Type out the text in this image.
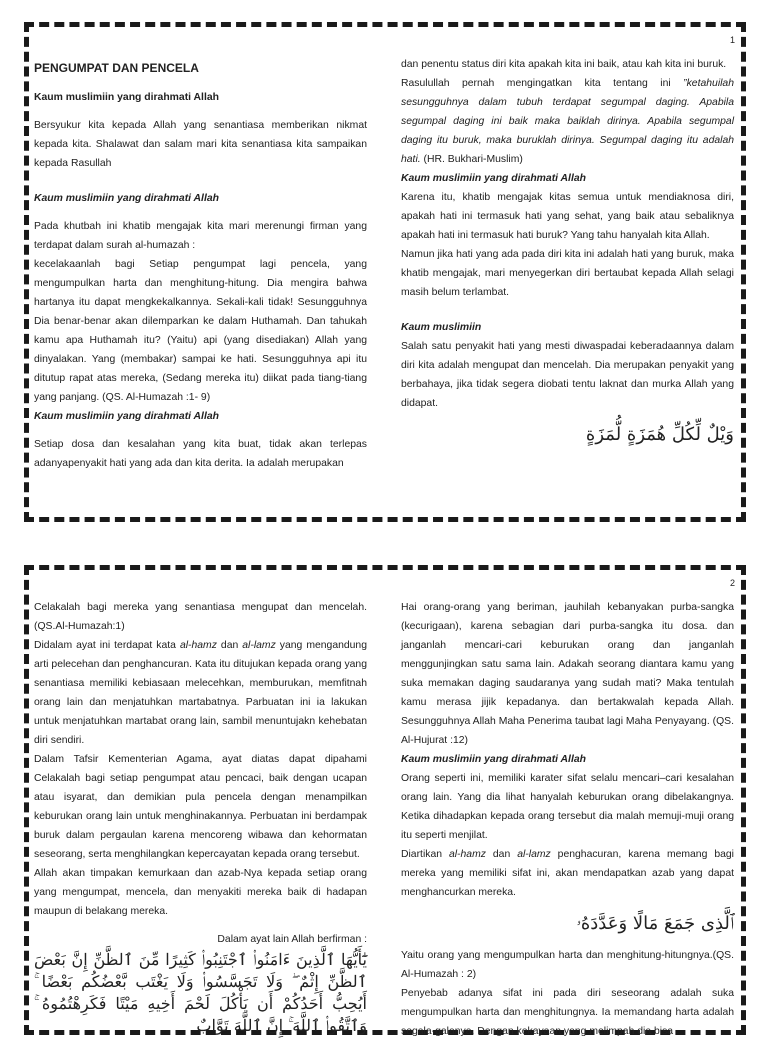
1

PENGUMPAT DAN PENCELA

Kaum muslimiin yang dirahmati Allah

Bersyukur kita kepada Allah yang senantiasa memberikan nikmat kepada kita. Shalawat dan salam mari kita senantiasa kita sampaikan kepada Rasullah

Kaum muslimiin yang dirahmati Allah

Pada khutbah ini khatib mengajak kita mari merenungi firman yang terdapat dalam surah al-humazah :

kecelakaanlah bagi Setiap pengumpat lagi pencela, yang mengumpulkan harta dan menghitung-hitung. Dia mengira bahwa hartanya itu dapat mengkekalkannya. Sekali-kali tidak! Sesungguhnya Dia benar-benar akan dilemparkan ke dalam Huthamah. Dan tahukah kamu apa Huthamah itu? (Yaitu) api (yang disediakan) Allah yang dinyalakan. Yang (membakar) sampai ke hati. Sesungguhnya api itu ditutup rapat atas mereka, (Sedang mereka itu) diikat pada tiang-tiang yang panjang. (QS. Al-Humazah :1- 9)

Kaum muslimiin yang dirahmati Allah

Setiap dosa dan kesalahan yang kita buat, tidak akan terlepas adanyapenyakit hati yang ada dan kita derita. Ia adalah merupakan

dan penentu status diri kita apakah kita ini baik, atau kah kita ini buruk.

Rasulullah pernah mengingatkan kita tentang ini ”ketahuilah sesungguhnya dalam tubuh terdapat segumpal daging. Apabila segumpal daging ini baik maka baiklah dirinya. Apabila segumpal daging itu buruk, maka buruklah dirinya. Segumpal daging itu adalah hati. (HR. Bukhari-Muslim)

Kaum muslimiin yang dirahmati Allah

Karena itu, khatib mengajak kitas semua untuk mendiaknosa diri, apakah hati ini termasuk hati yang sehat, yang baik atau sebaliknya apakah hati ini termasuk hati buruk? Yang tahu hanyalah kita Allah.

Namun jika hati yang ada pada diri kita ini adalah hati yang buruk, maka khatib mengajak, mari menyegerkan diri bertaubat kepada Allah selagi masih belum terlambat.

Kaum muslimiin

Salah satu penyakit hati yang mesti diwaspadai keberadaannya dalam diri kita adalah mengupat dan mencelah. Dia merupakan penyakit yang berbahaya, jika tidak segera diobati tentu laknat dan murka Allah yang didapat.

وَيْلٌ لِّكُلِّ هُمَزَةٍ لُّمَزَةٍ

2

Celakalah bagi mereka yang senantiasa mengupat dan mencelah. (QS.Al-Humazah:1)

Didalam ayat ini terdapat kata al-hamz dan al-lamz yang mengandung arti pelecehan dan penghancuran. Kata itu ditujukan kepada orang yang senantiasa memiliki kebiasaan melecehkan, memburukan, memfitnah orang lain dan menjatuhkan martabatnya. Parbuatan ini ia lakukan untuk menjatuhkan martabat orang lain, sambil menuntujakn kehebatan diri sendiri.

Dalam Tafsir Kementerian Agama, ayat diatas dapat dipahami Celakalah bagi setiap pengumpat atau pencaci, baik dengan ucapan atau isyarat, dan demikian pula pencela dengan menampilkan keburukan orang lain untuk menghinakannya. Perbuatan ini berdampak buruk dalam pergaulan karena mencoreng wibawa dan kehormatan seseorang, serta menghilangkan kepercayatan kepada orang tersebut.

Allah akan timpakan kemurkaan dan azab-Nya kepada setiap orang yang mengumpat, mencela, dan menyakiti mereka baik di hadapan maupun di belakang mereka.

Dalam ayat lain Allah berfirman :

يَٰٓأَيُّهَا ٱلَّذِينَ ءَامَنُوا۟ ٱجْتَنِبُوا۟ كَثِيرًا مِّنَ ٱلظَّنِّ إِنَّ بَعْضَ ٱلظَّنِّ إِثْمٌ ۖ وَلَا تَجَسَّسُوا۟ وَلَا يَغْتَب بَّعْضُكُم بَعْضًا ۚ أَيُحِبُّ أَحَدُكُمْ أَن يَأْكُلَ لَحْمَ أَخِيهِ مَيْتًا فَكَرِهْتُمُوهُ ۚ وَٱتَّقُوا۟ ٱللَّهَ ۚ إِنَّ ٱللَّهَ تَوَّابٌ

Hai orang-orang yang beriman, jauhilah kebanyakan purba-sangka (kecurigaan), karena sebagian dari purba-sangka itu dosa. dan janganlah mencari-cari keburukan orang dan janganlah menggunjingkan satu sama lain. Adakah seorang diantara kamu yang suka memakan daging saudaranya yang sudah mati? Maka tentulah kamu merasa jijik kepadanya. dan bertakwalah kepada Allah. Sesungguhnya Allah Maha Penerima taubat lagi Maha Penyayang. (QS. Al-Hujurat :12)

Kaum muslimiin yang dirahmati Allah

Orang seperti ini, memiliki karater sifat selalu mencari–cari kesalahan orang lain. Yang dia lihat hanyalah keburukan orang dibelakangnya. Ketika dihadapkan kepada orang tersebut dia malah memuji-muji orang itu seperti menjilat.

Diartikan al-hamz dan al-lamz penghacuran, karena memang bagi mereka yang memiliki sifat ini, akan mendapatkan azab yang dapat menghancurkan mereka.

ٱلَّذِى جَمَعَ مَالًا وَعَدَّدَهُۥ

Yaitu orang yang mengumpulkan harta dan menghitung-hitungnya.(QS. Al-Humazah : 2)

Penyebab adanya sifat ini pada diri seseorang adalah suka mengumpulkan harta dan menghitungnya. Ia memandang harta adalah segala-galanya. Dengan kekayaan yang melimpah dia bisa
